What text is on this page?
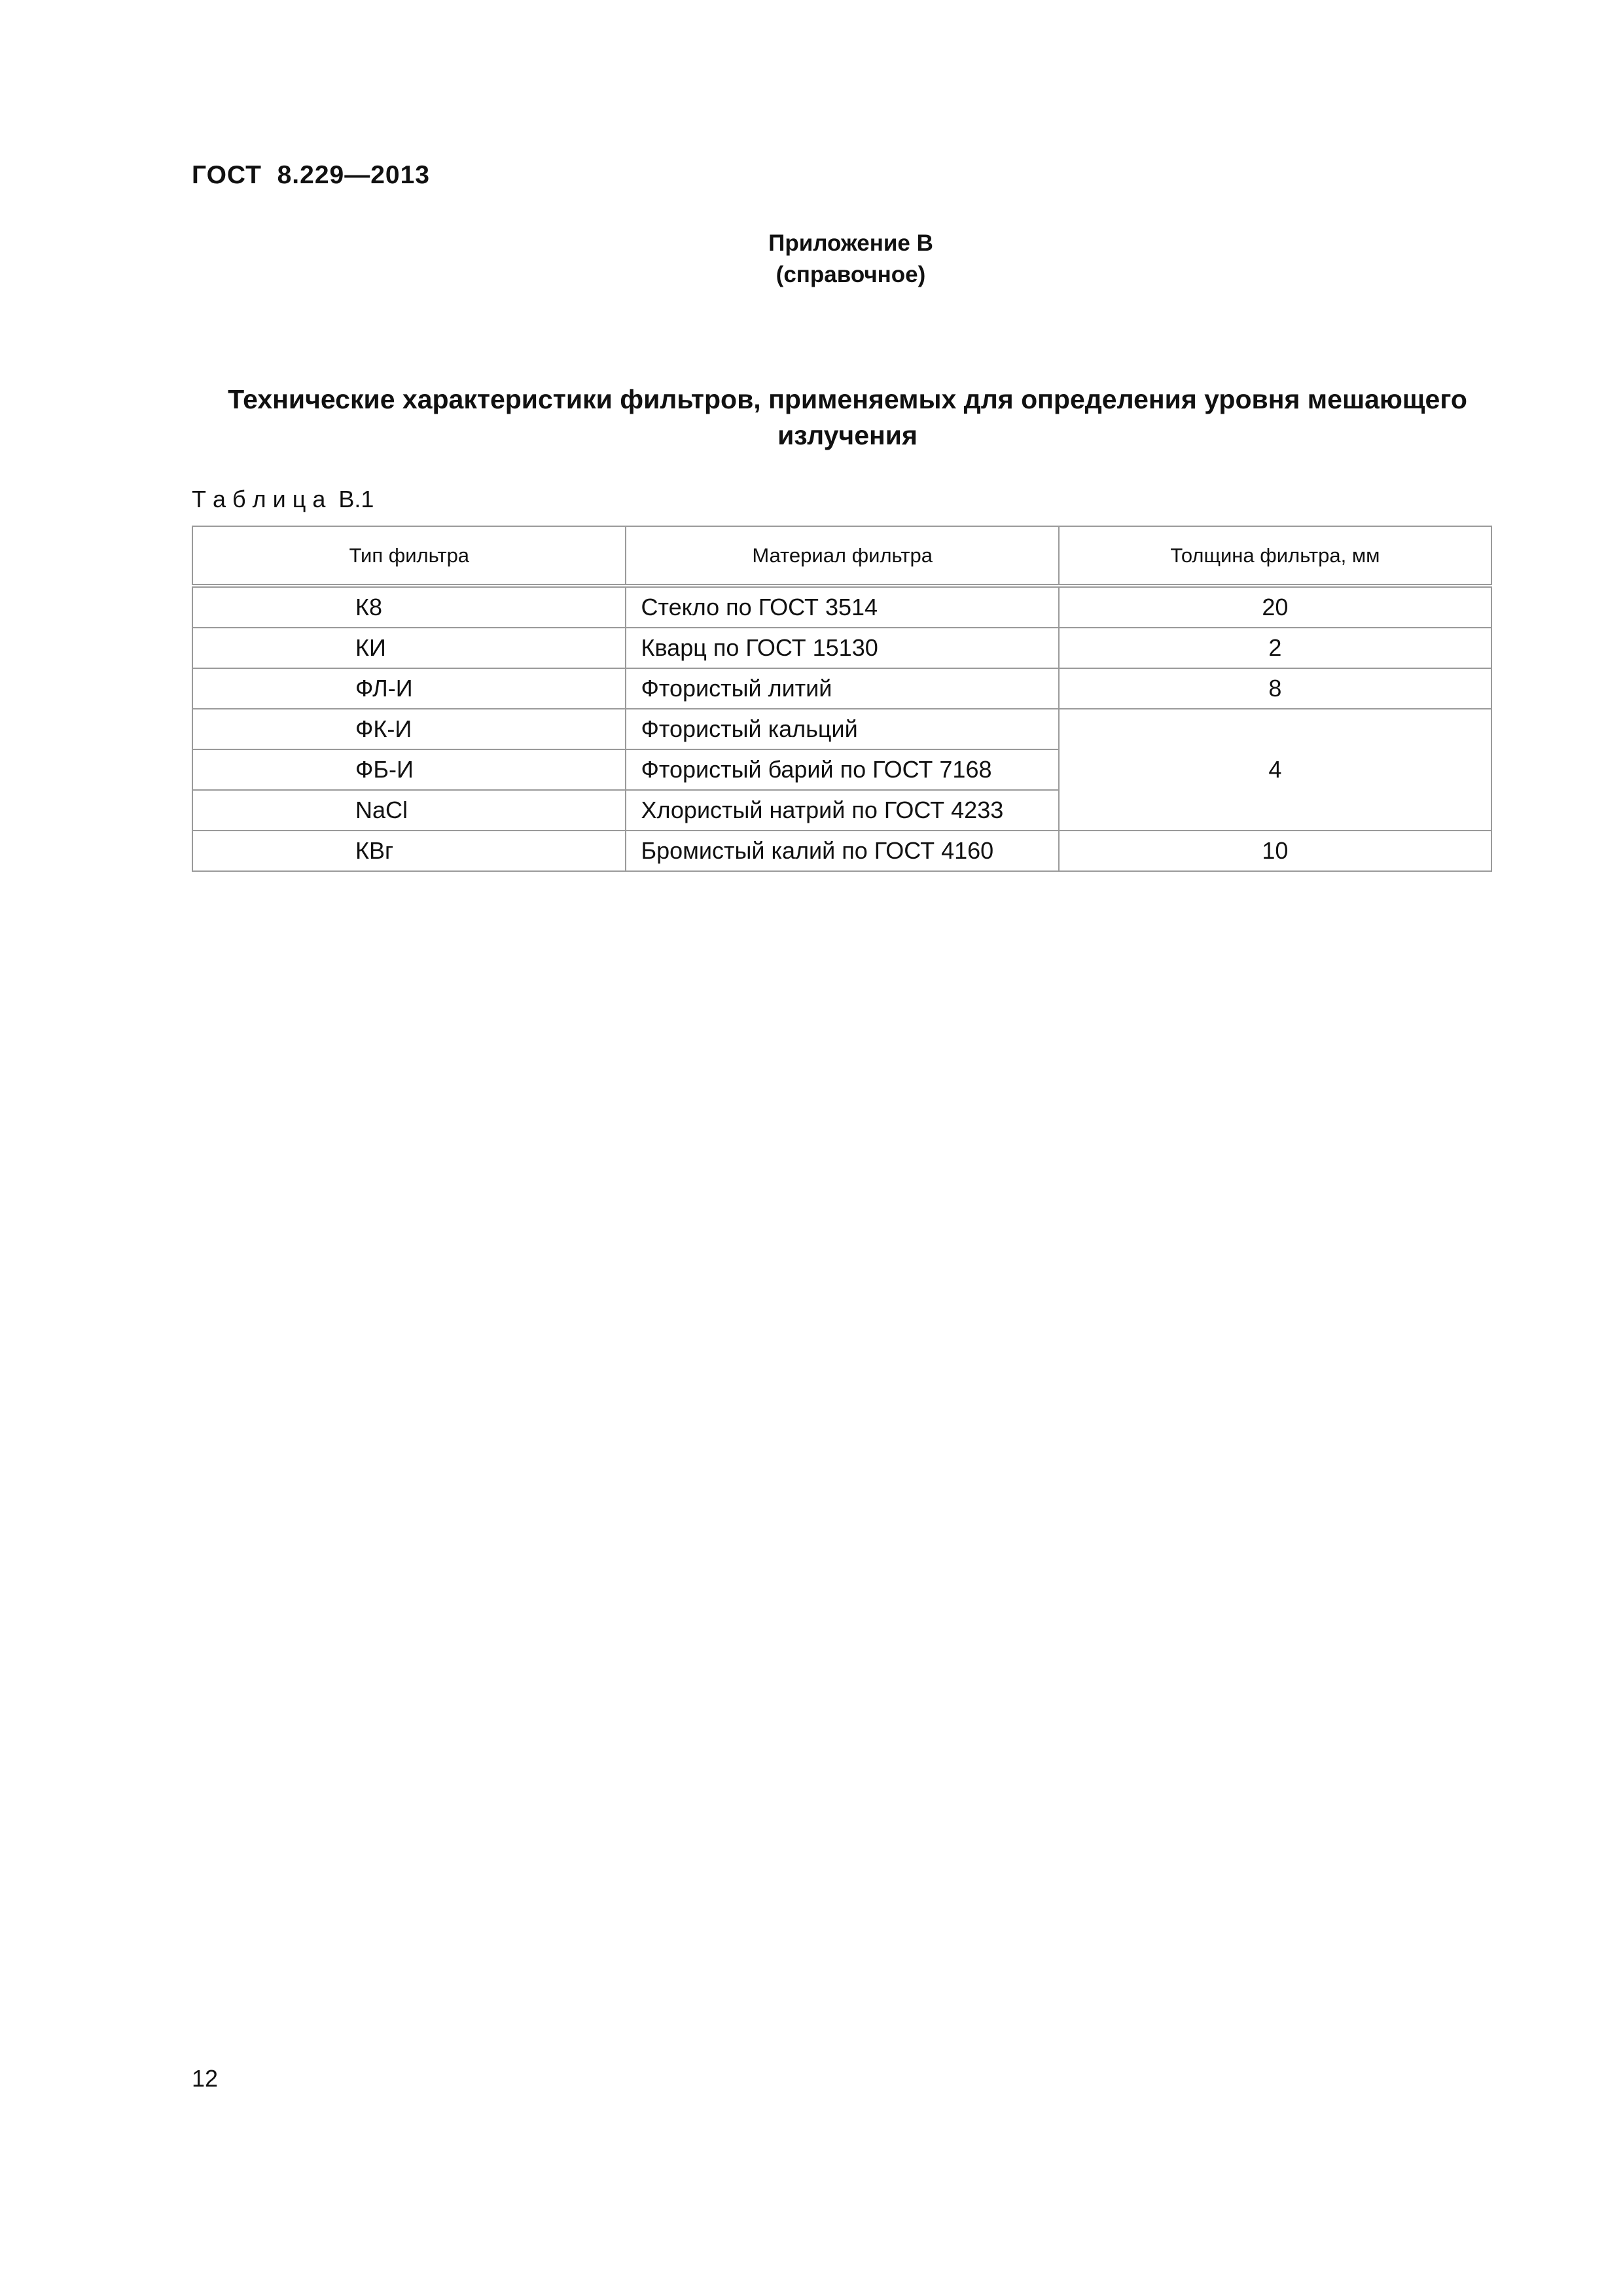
ГОСТ  8.229—2013
Приложение В
(справочное)
Технические характеристики фильтров, применяемых для определения уровня мешающего излучения
Т а б л и ц а  В.1
Тип фильтра	Материал фильтра	Толщина фильтра, мм
К8	Стекло по ГОСТ 3514	20
КИ	Кварц по ГОСТ 15130	2
ФЛ-И	Фтористый литий	8
ФК-И	Фтористый кальций	4
ФБ-И	Фтористый барий по ГОСТ 7168	
NaCl	Хлористый натрий по ГОСТ 4233	
КВг	Бромистый калий по ГОСТ 4160	10
12
